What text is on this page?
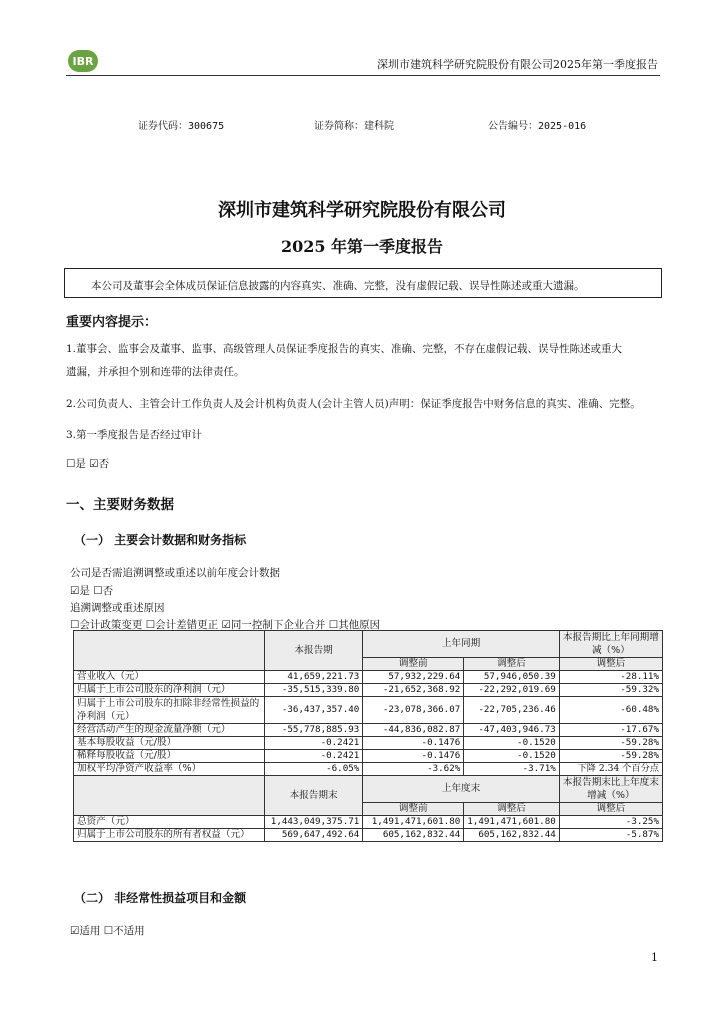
IBR	深圳市建筑科学研究院股份有限公司2025年第一季度报告
证券代码：300675	证券简称：建科院	公告编号：2025-016
深圳市建筑科学研究院股份有限公司
2025 年第一季度报告
本公司及董事会全体成员保证信息披露的内容真实、准确、完整，没有虚假记载、误导性陈述或重大遗漏。
重要内容提示：
1.董事会、监事会及董事、监事、高级管理人员保证季度报告的真实、准确、完整，不存在虚假记载、误导性陈述或重大
遗漏，并承担个别和连带的法律责任。
2.公司负责人、主管会计工作负责人及会计机构负责人(会计主管人员)声明：保证季度报告中财务信息的真实、准确、完整。
3.第一季度报告是否经过审计
☐是 ☑否
一、主要财务数据
（一） 主要会计数据和财务指标
公司是否需追溯调整或重述以前年度会计数据
☑是 ☐否
追溯调整或重述原因
☐会计政策变更 ☐会计差错更正 ☑同一控制下企业合并 ☐其他原因
	本报告期	上年同期		本报告期比上年同期增减（%）
		调整前	调整后	调整后
营业收入（元）	41,659,221.73	57,932,229.64	57,946,050.39	-28.11%
归属于上市公司股东的净利润（元）	-35,515,339.80	-21,652,368.92	-22,292,019.69	-59.32%
归属于上市公司股东的扣除非经常性损益的净利润（元）	-36,437,357.40	-23,078,366.07	-22,705,236.46	-60.48%
经营活动产生的现金流量净额（元）	-55,778,885.93	-44,836,082.87	-47,403,946.73	-17.67%
基本每股收益（元/股）	-0.2421	-0.1476	-0.1520	-59.28%
稀释每股收益（元/股）	-0.2421	-0.1476	-0.1520	-59.28%
加权平均净资产收益率（%）	-6.05%	-3.62%	-3.71%	下降 2.34 个百分点
	本报告期末	上年度末		本报告期末比上年度末增减（%）
		调整前	调整后	调整后
总资产（元）	1,443,049,375.71	1,491,471,601.80	1,491,471,601.80	-3.25%
归属于上市公司股东的所有者权益（元）	569,647,492.64	605,162,832.44	605,162,832.44	-5.87%
（二） 非经常性损益项目和金额
☑适用 ☐不适用
1
